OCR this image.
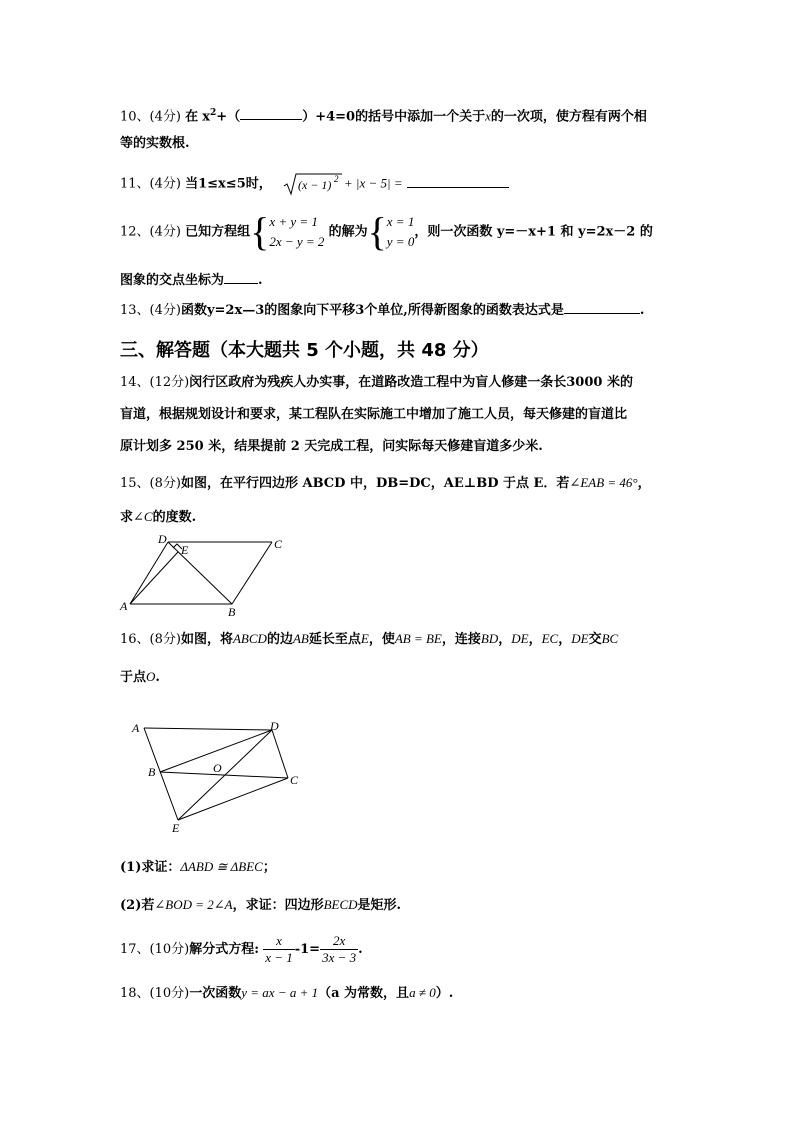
10、(4分) 在 $x^2+$（	）+4=0的括号中添加一个关于x的一次项，使方程有两个相
等的实数根.
11、(4分) 当1≤x≤5时， (x − 1) 2 + |x − 5| =
12、(4分) 已知方程组{ x + y = 1
2x − y = 2
的解为{ x = 1
y = 0
，则一次函数 y=－x+1 和 y=2x－2 的
图象的交点坐标为	.
13、(4分)函数y=2x—3的图象向下平移3个单位,所得新图象的函数表达式是	.
三、解答题（本大题共 5 个小题，共 48 分）
14、(12分)闵行区政府为残疾人办实事，在道路改造工程中为盲人修建一条长3000 米的
盲道，根据规划设计和要求，某工程队在实际施工中增加了施工人员，每天修建的盲道比
原计划多 250 米，结果提前 2 天完成工程，问实际每天修建盲道多少米.
15、(8分)如图，在平行四边形 ABCD 中，DB=DC，AE⊥BD 于点 E．若∠EAB = 46°，
求∠C的度数.
D
E	C
A	B
16、(8分)如图，将ABCD的边AB延长至点E，使AB = BE，连接BD，DE，EC，DE交BC
于点O.
A	D
B	O
C
E
(1)求证：ΔABD ≅ ΔBEC；
(2)若∠BOD = 2∠A，求证：四边形BECD是矩形.
17、(10分)解分式方程: $\frac{x}{x - 1} -1= \frac{2x}{3x - 3}$ .
18、(10分)一次函数y = ax − a + 1（a 为常数，且a ≠ 0）.
